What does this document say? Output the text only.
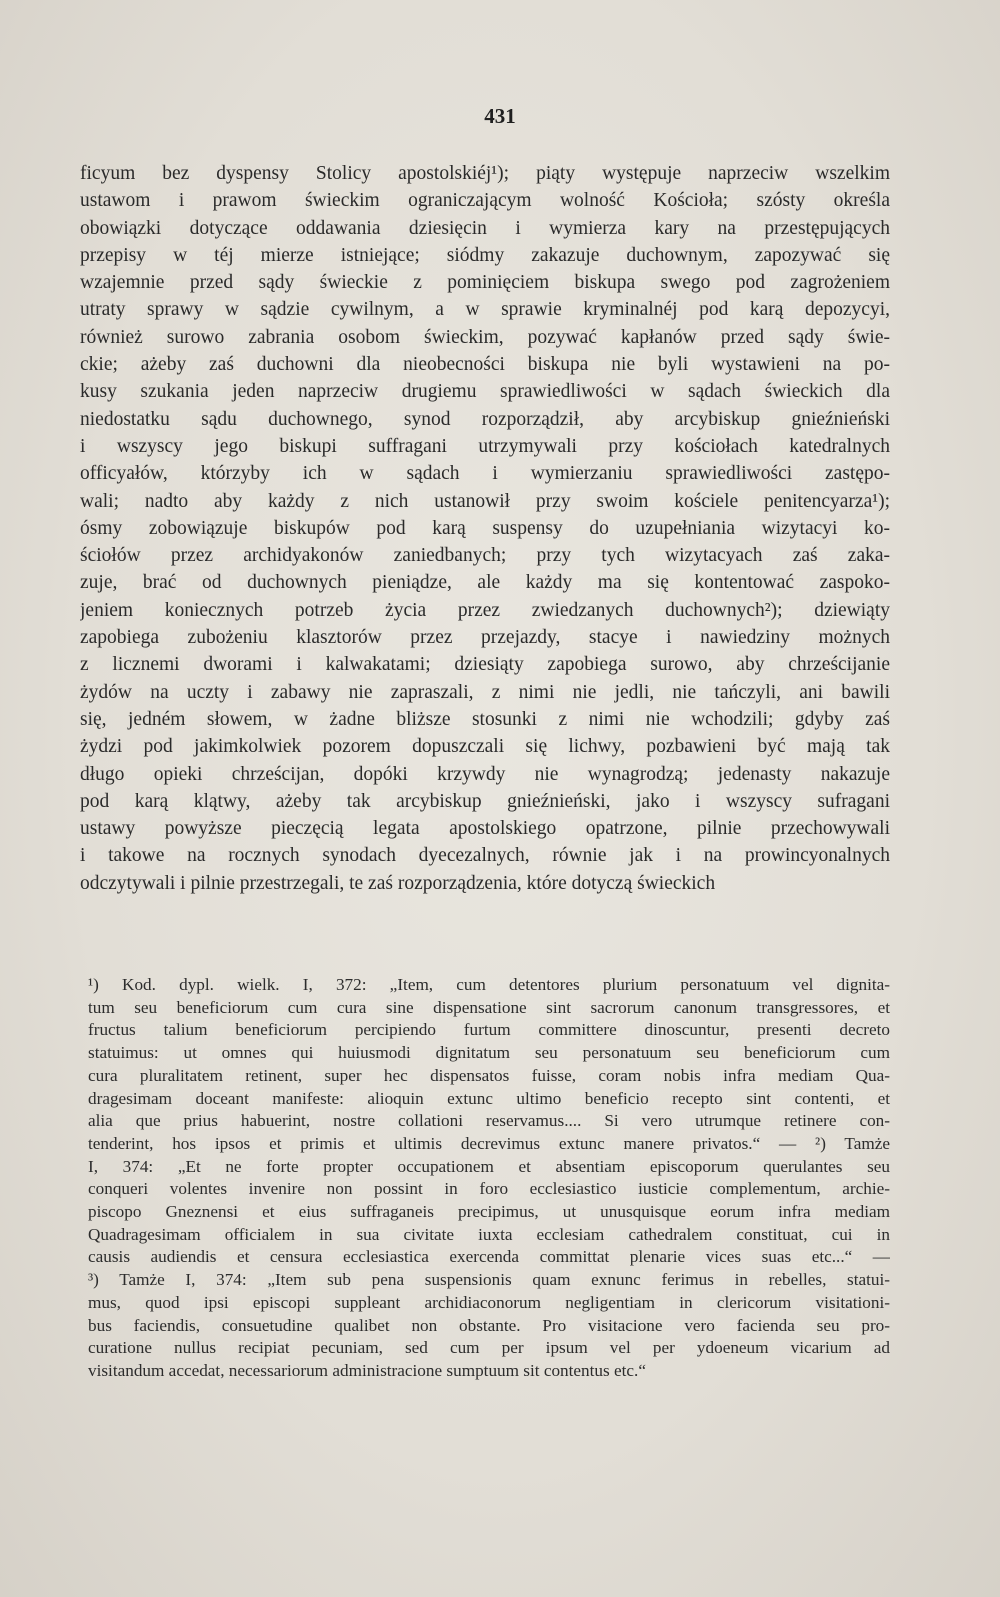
431
ficyum bez dyspensy Stolicy apostolskiéj¹); piąty występuje naprzeciw wszelkim
ustawom i prawom świeckim ograniczającym wolność Kościoła; szósty określa
obowiązki dotyczące oddawania dziesięcin i wymierza kary na przestępujących
przepisy w téj mierze istniejące; siódmy zakazuje duchownym, zapozywać się
wzajemnie przed sądy świeckie z pominięciem biskupa swego pod zagrożeniem
utraty sprawy w sądzie cywilnym, a w sprawie kryminalnéj pod karą depozycyi,
również surowo zabrania osobom świeckim, pozywać kapłanów przed sądy świe-
ckie; ażeby zaś duchowni dla nieobecności biskupa nie byli wystawieni na po-
kusy szukania jeden naprzeciw drugiemu sprawiedliwości w sądach świeckich dla
niedostatku sądu duchownego, synod rozporządził, aby arcybiskup gnieźnieński
i wszyscy jego biskupi suffragani utrzymywali przy kościołach katedralnych
officyałów, którzyby ich w sądach i wymierzaniu sprawiedliwości zastępo-
wali; nadto aby każdy z nich ustanowił przy swoim kościele penitencyarza¹);
ósmy zobowiązuje biskupów pod karą suspensy do uzupełniania wizytacyi ko-
ściołów przez archidyakonów zaniedbanych; przy tych wizytacyach zaś zaka-
zuje, brać od duchownych pieniądze, ale każdy ma się kontentować zaspoko-
jeniem koniecznych potrzeb życia przez zwiedzanych duchownych²); dziewiąty
zapobiega zubożeniu klasztorów przez przejazdy, stacye i nawiedziny możnych
z licznemi dworami i kalwakatami; dziesiąty zapobiega surowo, aby chrześcijanie
żydów na uczty i zabawy nie zapraszali, z nimi nie jedli, nie tańczyli, ani bawili
się, jedném słowem, w żadne bliższe stosunki z nimi nie wchodzili; gdyby zaś
żydzi pod jakimkolwiek pozorem dopuszczali się lichwy, pozbawieni być mają tak
długo opieki chrześcijan, dopóki krzywdy nie wynagrodzą; jedenasty nakazuje
pod karą klątwy, ażeby tak arcybiskup gnieźnieński, jako i wszyscy sufragani
ustawy powyższe pieczęcią legata apostolskiego opatrzone, pilnie przechowywali
i takowe na rocznych synodach dyecezalnych, równie jak i na prowincyonalnych
odczytywali i pilnie przestrzegali, te zaś rozporządzenia, które dotyczą świeckich
¹) Kod. dypl. wielk. I, 372: „Item, cum detentores plurium personatuum vel dignita-
tum seu beneficiorum cum cura sine dispensatione sint sacrorum canonum transgressores, et
fructus talium beneficiorum percipiendo furtum committere dinoscuntur, presenti decreto
statuimus: ut omnes qui huiusmodi dignitatum seu personatuum seu beneficiorum cum
cura pluralitatem retinent, super hec dispensatos fuisse, coram nobis infra mediam Qua-
dragesimam doceant manifeste: alioquin extunc ultimo beneficio recepto sint contenti, et
alia que prius habuerint, nostre collationi reservamus.... Si vero utrumque retinere con-
tenderint, hos ipsos et primis et ultimis decrevimus extunc manere privatos.“ — ²) Tamże
I, 374: „Et ne forte propter occupationem et absentiam episcoporum querulantes seu
conqueri volentes invenire non possint in foro ecclesiastico iusticie complementum, archie-
piscopo Gneznensi et eius suffraganeis precipimus, ut unusquisque eorum infra mediam
Quadragesimam officialem in sua civitate iuxta ecclesiam cathedralem constituat, cui in
causis audiendis et censura ecclesiastica exercenda committat plenarie vices suas etc...“ —
³) Tamże I, 374: „Item sub pena suspensionis quam exnunc ferimus in rebelles, statui-
mus, quod ipsi episcopi suppleant archidiaconorum negligentiam in clericorum visitationi-
bus faciendis, consuetudine qualibet non obstante. Pro visitacione vero facienda seu pro-
curatione nullus recipiat pecuniam, sed cum per ipsum vel per ydoeneum vicarium ad
visitandum accedat, necessariorum administracione sumptuum sit contentus etc.“
